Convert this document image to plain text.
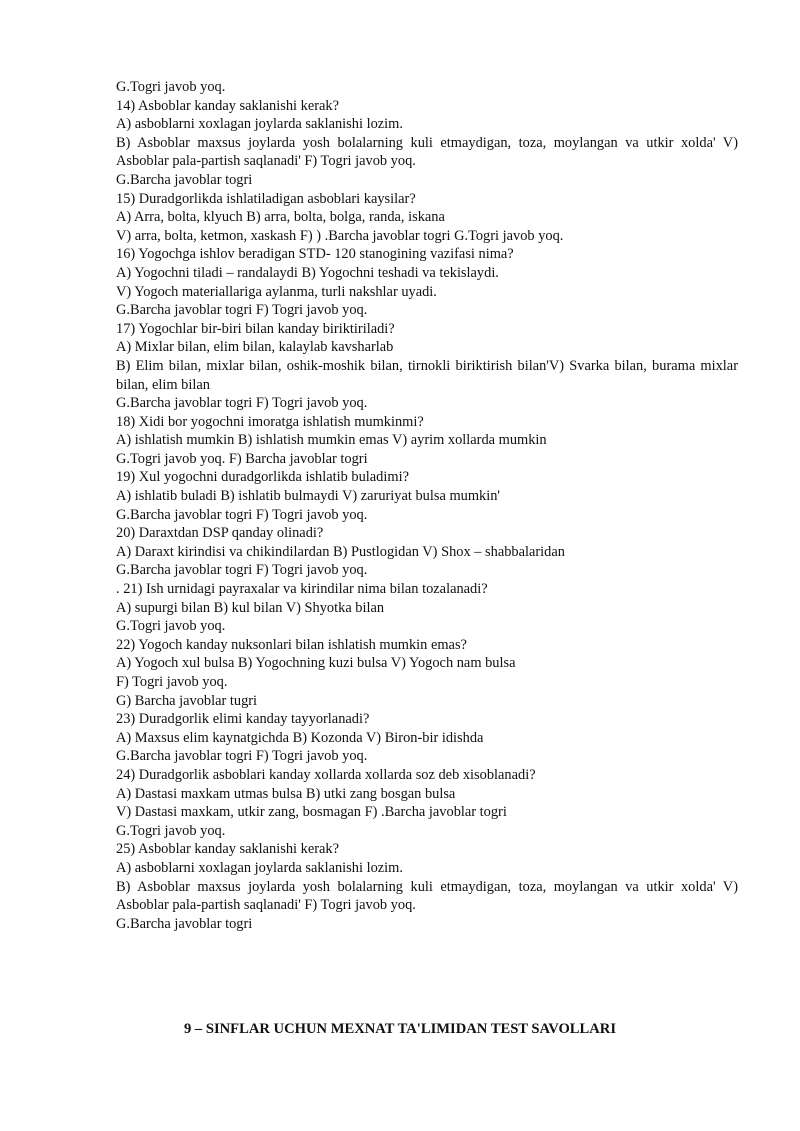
G.Togri javob yoq.
14) Asboblar kanday saklanishi kerak?
A) asboblarni xoxlagan joylarda saklanishi lozim.
B) Asboblar maxsus joylarda yosh bolalarning kuli etmaydigan, toza, moylangan va utkir xolda' V) Asboblar pala-partish saqlanadi' F) Togri javob yoq.
G.Barcha javoblar togri
15) Duradgorlikda ishlatiladigan asboblari kaysilar?
A) Arra, bolta, klyuch B) arra, bolta, bolga, randa, iskana
V) arra, bolta, ketmon, xaskash F) ) .Barcha javoblar togri G.Togri javob yoq.
16) Yogochga ishlov beradigan STD- 120 stanogining vazifasi nima?
A) Yogochni tiladi – randalaydi B) Yogochni teshadi va tekislaydi.
V) Yogoch materiallariga aylanma, turli nakshlar uyadi.
G.Barcha javoblar togri F) Togri javob yoq.
17) Yogochlar bir-biri bilan kanday biriktiriladi?
A) Mixlar bilan, elim bilan, kalaylab kavsharlab
B) Elim bilan, mixlar bilan, oshik-moshik bilan, tirnokli biriktirish bilan'V) Svarka bilan, burama mixlar bilan, elim bilan
G.Barcha javoblar togri F) Togri javob yoq.
18) Xidi bor yogochni imoratga ishlatish mumkinmi?
A) ishlatish mumkin B) ishlatish mumkin emas V) ayrim xollarda mumkin
G.Togri javob yoq. F) Barcha javoblar togri
19) Xul yogochni duradgorlikda ishlatib buladimi?
A) ishlatib buladi B) ishlatib bulmaydi V) zaruriyat bulsa mumkin'
G.Barcha javoblar togri F) Togri javob yoq.
20) Daraxtdan DSP qanday olinadi?
A) Daraxt kirindisi va chikindilardan B) Pustlogidan V) Shox – shabbalaridan
G.Barcha javoblar togri F) Togri javob yoq.
. 21) Ish urnidagi payraxalar va kirindilar nima bilan tozalanadi?
A) supurgi bilan B) kul bilan V) Shyotka bilan
G.Togri javob yoq.
22) Yogoch kanday nuksonlari bilan ishlatish mumkin emas?
A) Yogoch xul bulsa B) Yogochning kuzi bulsa V) Yogoch nam bulsa
F) Togri javob yoq.
G) Barcha javoblar tugri
23) Duradgorlik elimi kanday tayyorlanadi?
A) Maxsus elim kaynatgichda B) Kozonda V) Biron-bir idishda
G.Barcha javoblar togri F) Togri javob yoq.
24) Duradgorlik asboblari kanday xollarda xollarda soz deb xisoblanadi?
A) Dastasi maxkam utmas bulsa B) utki zang bosgan bulsa
V) Dastasi maxkam, utkir zang, bosmagan F) .Barcha javoblar togri
G.Togri javob yoq.
25) Asboblar kanday saklanishi kerak?
A) asboblarni xoxlagan joylarda saklanishi lozim.
B) Asboblar maxsus joylarda yosh bolalarning kuli etmaydigan, toza, moylangan va utkir xolda' V) Asboblar pala-partish saqlanadi' F) Togri javob yoq.
G.Barcha javoblar togri
9 – SINFLAR UCHUN MEXNAT TA'LIMIDAN TEST SAVOLLARI
